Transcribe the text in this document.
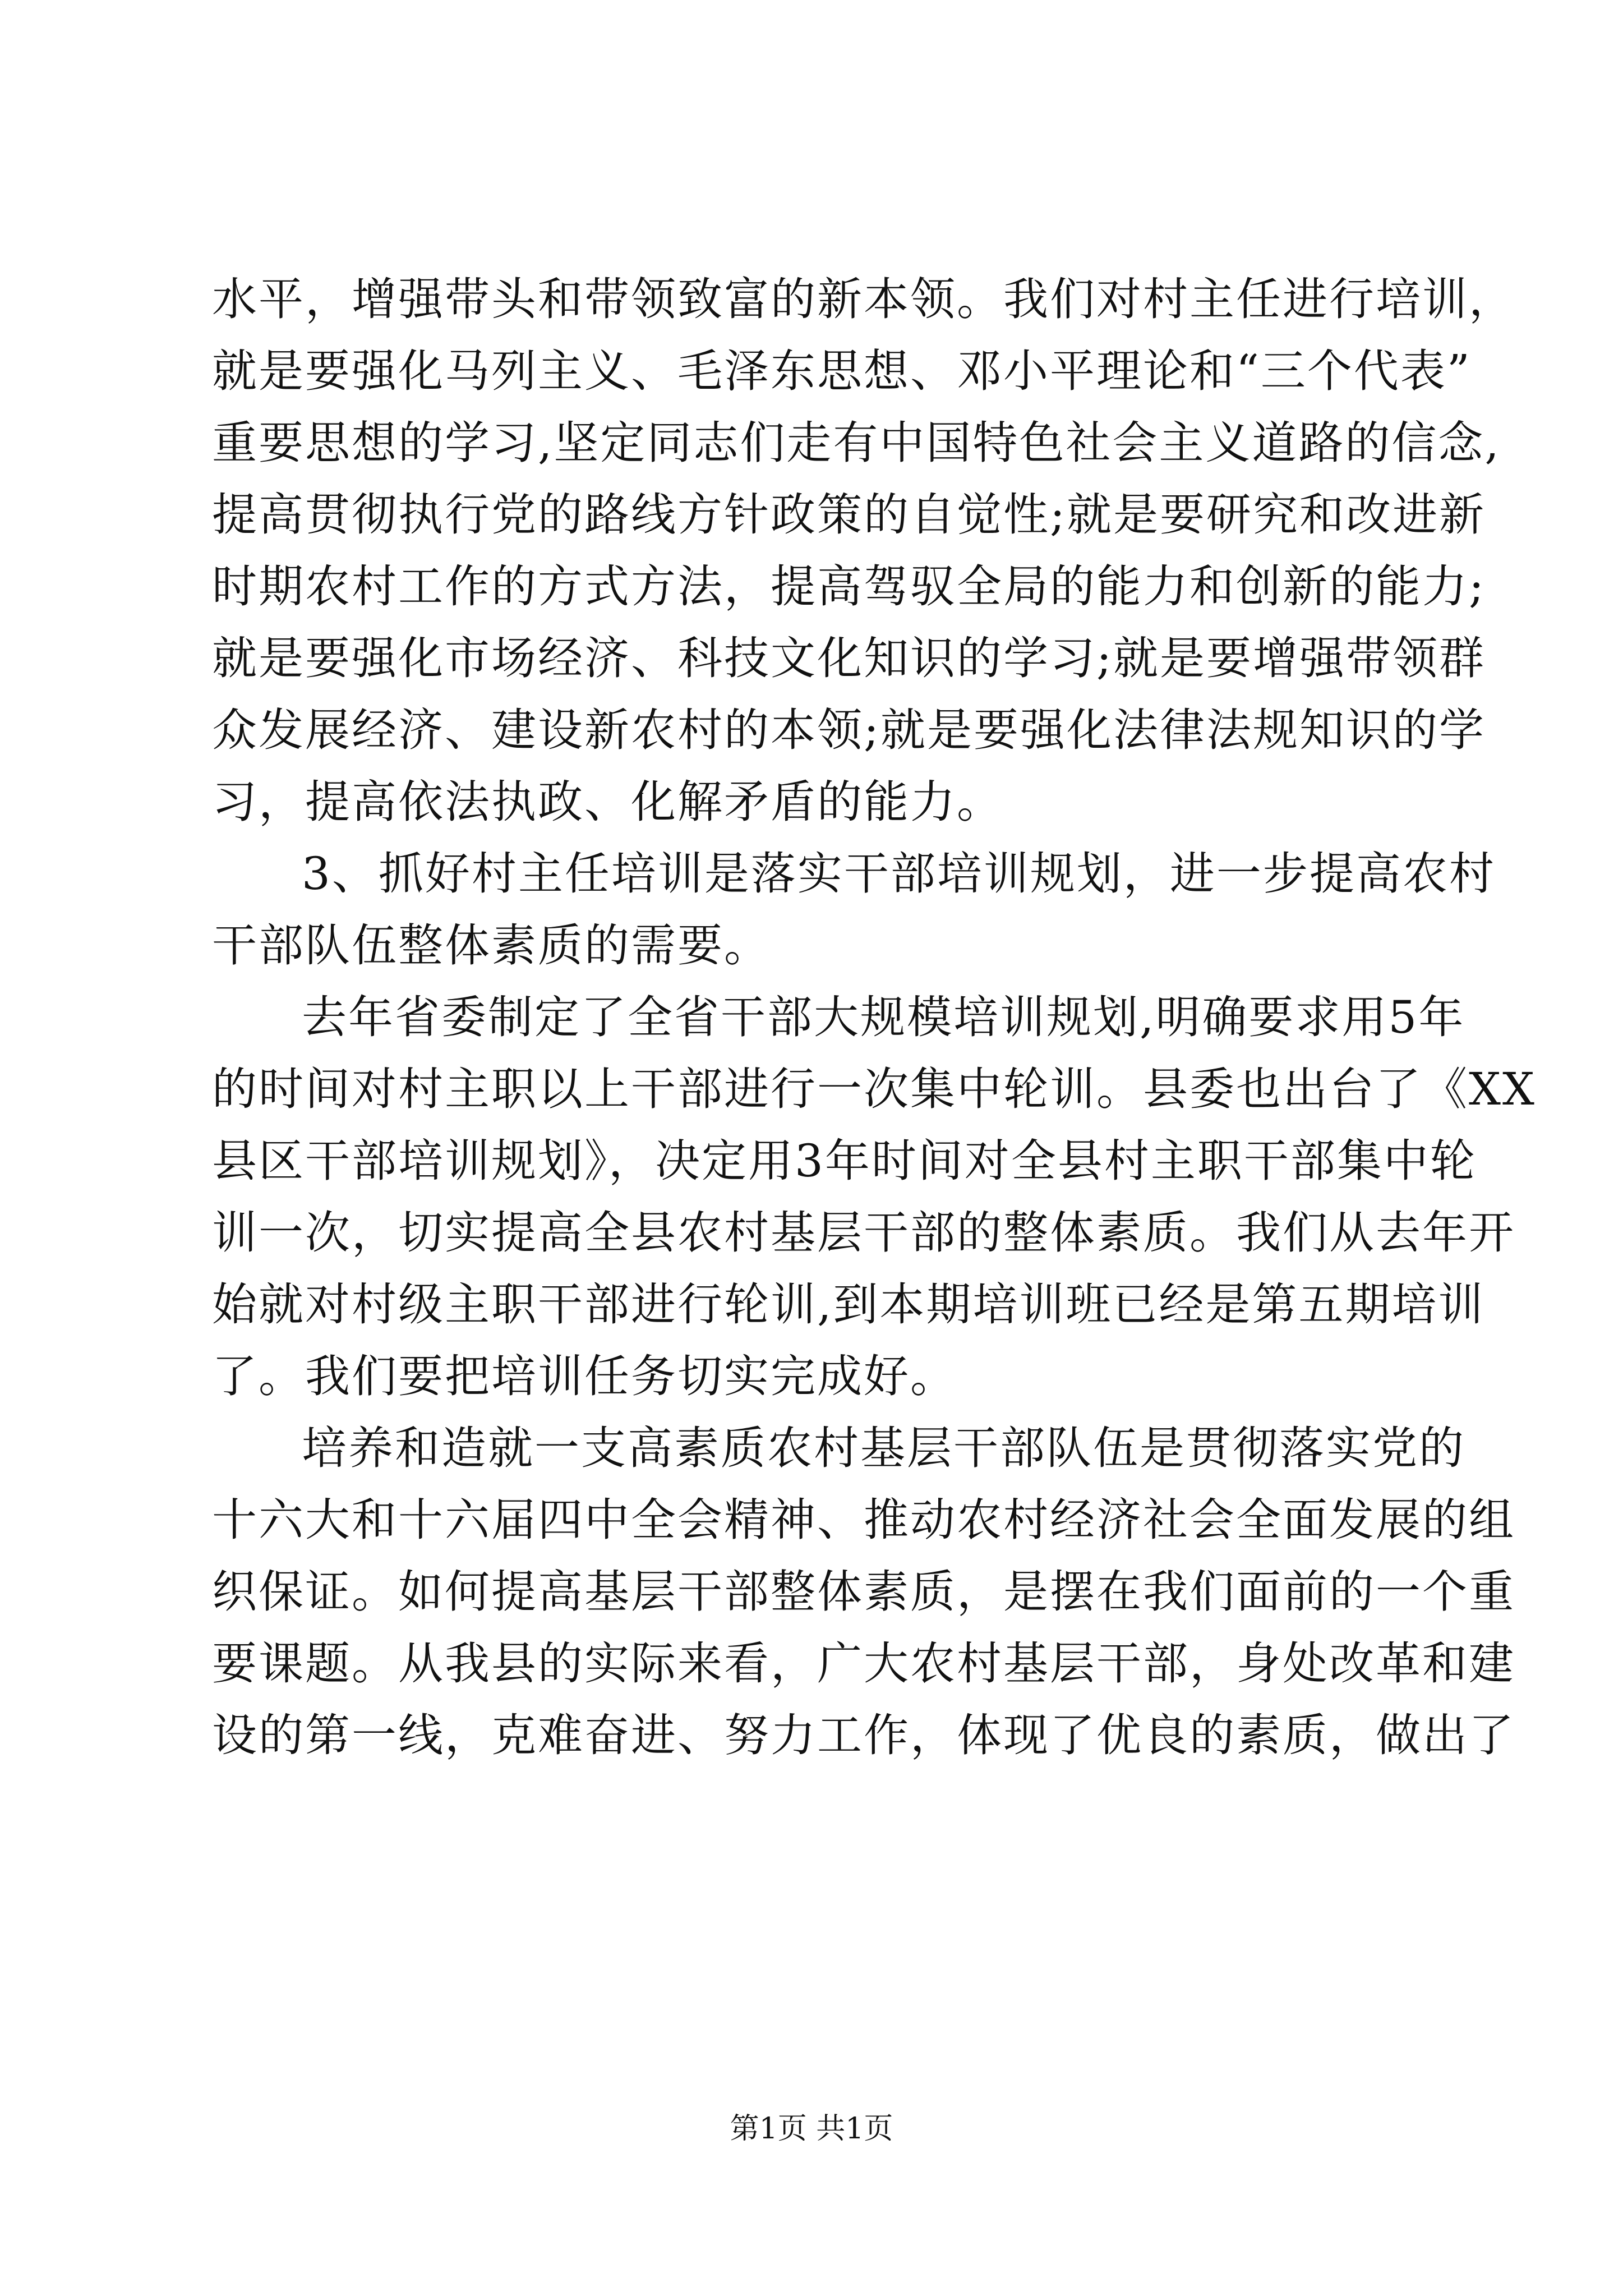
水平，增强带头和带领致富的新本领。我们对村主任进行培训，
就是要强化马列主义、毛泽东思想、邓小平理论和“三个代表”
重要思想的学习,坚定同志们走有中国特色社会主义道路的信念,
提高贯彻执行党的路线方针政策的自觉性;就是要研究和改进新
时期农村工作的方式方法，提高驾驭全局的能力和创新的能力;
就是要强化市场经济、科技文化知识的学习;就是要增强带领群
众发展经济、建设新农村的本领;就是要强化法律法规知识的学
习，提高依法执政、化解矛盾的能力。
3、抓好村主任培训是落实干部培训规划，进一步提高农村
干部队伍整体素质的需要。
去年省委制定了全省干部大规模培训规划,明确要求用5年
的时间对村主职以上干部进行一次集中轮训。县委也出台了《XX
县区干部培训规划》，决定用3年时间对全县村主职干部集中轮
训一次，切实提高全县农村基层干部的整体素质。我们从去年开
始就对村级主职干部进行轮训,到本期培训班已经是第五期培训
了。我们要把培训任务切实完成好。
培养和造就一支高素质农村基层干部队伍是贯彻落实党的
十六大和十六届四中全会精神、推动农村经济社会全面发展的组
织保证。如何提高基层干部整体素质，是摆在我们面前的一个重
要课题。从我县的实际来看，广大农村基层干部，身处改革和建
设的第一线，克难奋进、努力工作，体现了优良的素质，做出了
第1页 共1页
